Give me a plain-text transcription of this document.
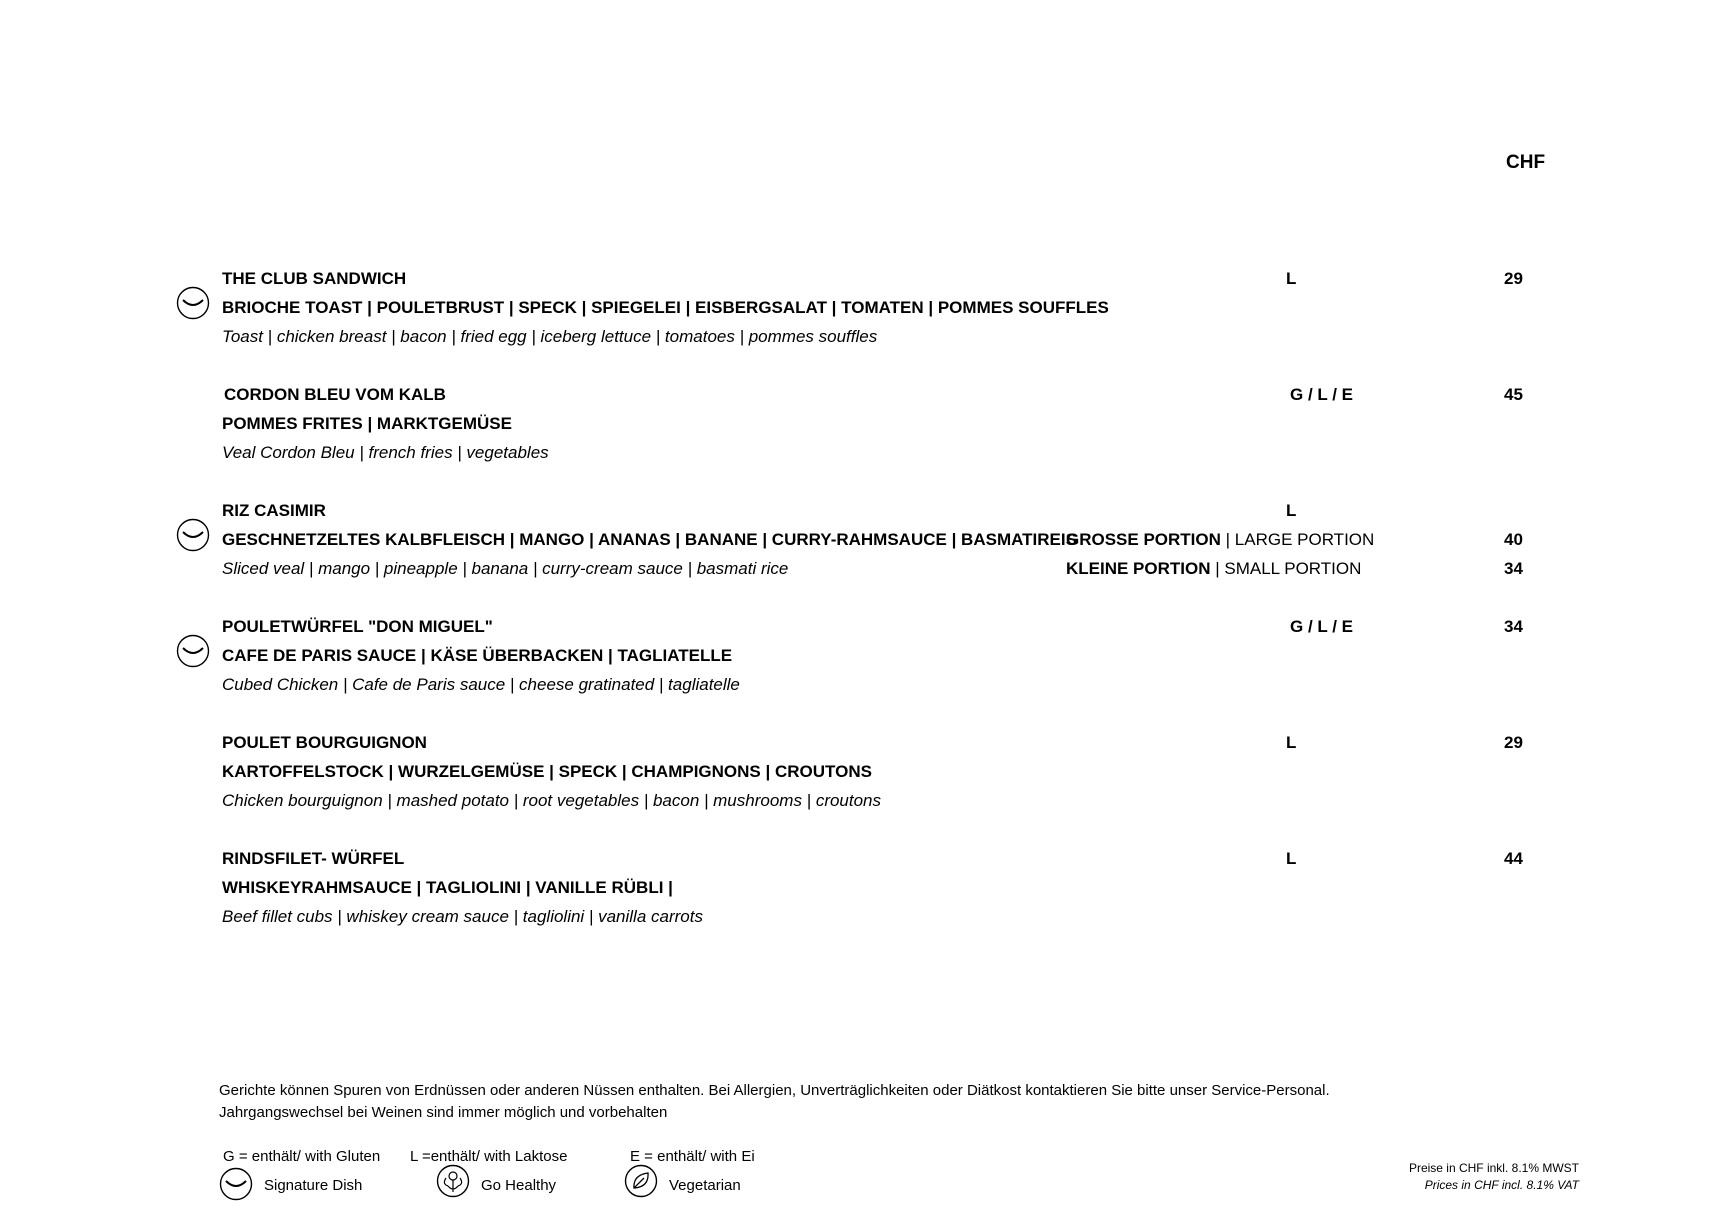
CHF
THE CLUB SANDWICH
BRIOCHE TOAST | POULETBRUST | SPECK | SPIEGELEI | EISBERGSALAT | TOMATEN | POMMES SOUFFLES
Toast | chicken breast | bacon | fried egg | iceberg lettuce | tomatoes | pommes souffles
L	29
CORDON BLEU VOM KALB
POMMES FRITES | MARKTGEMÜSE
Veal Cordon Bleu | french fries | vegetables
G / L / E	45
RIZ CASIMIR
GESCHNETZELTES KALBFLEISCH | MANGO | ANANAS | BANANE | CURRY-RAHMSAUCE | BASMATIREIS
Sliced veal | mango | pineapple | banana | curry-cream sauce | basmati rice
L
GROSSE PORTION | LARGE PORTION	40
KLEINE PORTION | SMALL PORTION	34
POULETWÜRFEL "DON MIGUEL"
CAFE DE PARIS SAUCE | KÄSE ÜBERBACKEN | TAGLIATELLE
Cubed Chicken | Cafe de Paris sauce | cheese gratinated | tagliatelle
G / L / E	34
POULET BOURGUIGNON
KARTOFFELSTOCK | WURZELGEMÜSE | SPECK | CHAMPIGNONS | CROUTONS
Chicken bourguignon | mashed potato | root vegetables | bacon | mushrooms | croutons
L	29
RINDSFILET- WÜRFEL
WHISKEYRAHMSAUCE | TAGLIOLINI | VANILLE RÜBLI |
Beef fillet cubs | whiskey cream sauce | tagliolini | vanilla carrots
L	44
Gerichte können Spuren von Erdnüssen oder anderen Nüssen enthalten. Bei Allergien, Unverträglichkeiten oder Diätkost kontaktieren Sie bitte unser Service-Personal.
Jahrgangswechsel bei Weinen sind immer möglich und vorbehalten
G = enthält/ with Gluten L =enthält/ with Laktose	E = enthält/ with Ei
Signature Dish	Go Healthy	Vegetarian
Preise in CHF inkl. 8.1% MWST
Prices in CHF incl. 8.1% VAT
